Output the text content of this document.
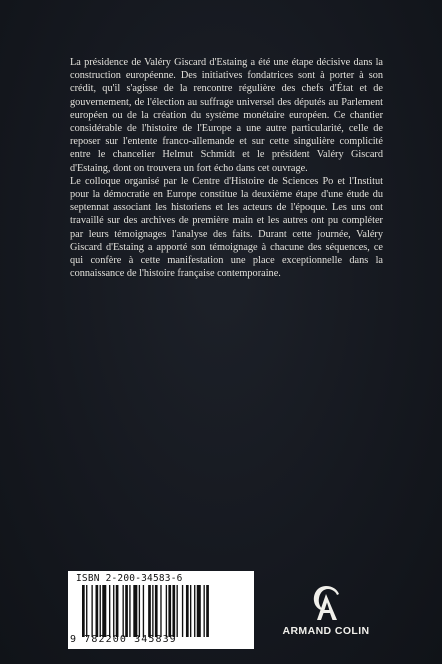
La présidence de Valéry Giscard d'Estaing a été une étape décisive dans la construction européenne. Des initiatives fondatrices sont à porter à son crédit, qu'il s'agisse de la rencontre régulière des chefs d'État et de gouvernement, de l'élection au suffrage universel des députés au Parlement européen ou de la création du système monétaire européen. Ce chantier considérable de l'histoire de l'Europe a une autre particularité, celle de reposer sur l'entente franco-allemande et sur cette singulière complicité entre le chancelier Helmut Schmidt et le président Valéry Giscard d'Estaing, dont on trouvera un fort écho dans cet ouvrage.

Le colloque organisé par le Centre d'Histoire de Sciences Po et l'Institut pour la démocratie en Europe constitue la deuxième étape d'une étude du septennat associant les historiens et les acteurs de l'époque. Les uns ont travaillé sur des archives de première main et les autres ont pu compléter par leurs témoignages l'analyse des faits. Durant cette journée, Valéry Giscard d'Estaing a apporté son témoignage à chacune des séquences, ce qui confère à cette manifestation une place exceptionnelle dans la connaissance de l'histoire française contemporaine.

ISBN 2-200-34583-6
9 782200 345839
ARMAND COLIN
